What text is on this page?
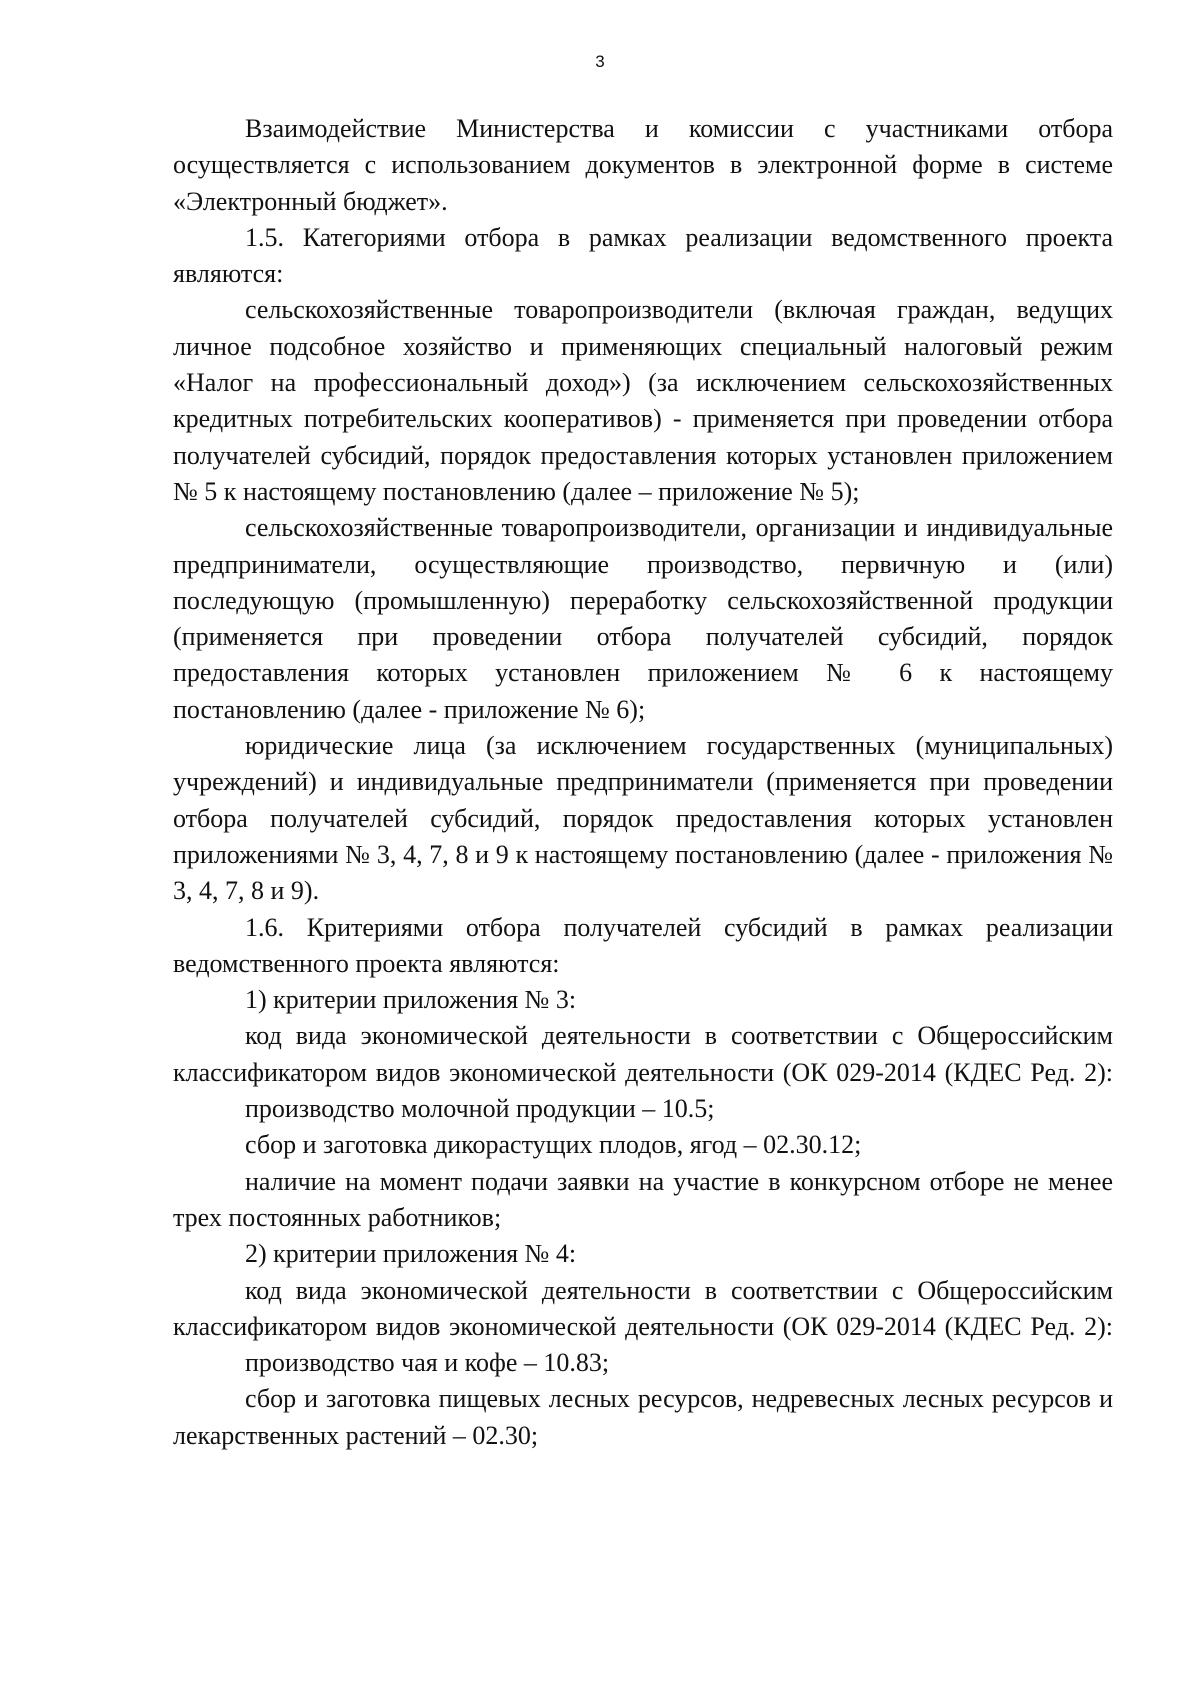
3

Взаимодействие Министерства и комиссии с участниками отбора осуществляется с использованием документов в электронной форме в системе «Электронный бюджет».

1.5. Категориями отбора в рамках реализации ведомственного проекта являются:

сельскохозяйственные товаропроизводители (включая граждан, ведущих личное подсобное хозяйство и применяющих специальный налоговый режим «Налог на профессиональный доход») (за исключением сельскохозяйственных кредитных потребительских кооперативов) - применяется при проведении отбора получателей субсидий, порядок предоставления которых установлен приложением № 5 к настоящему постановлению (далее – приложение № 5);

сельскохозяйственные товаропроизводители, организации и индивидуальные предприниматели, осуществляющие производство, первичную и (или) последующую (промышленную) переработку сельскохозяйственной продукции (применяется при проведении отбора получателей субсидий, порядок предоставления которых установлен приложением № 6 к настоящему постановлению (далее - приложение № 6);

юридические лица (за исключением государственных (муниципальных) учреждений) и индивидуальные предприниматели (применяется при проведении отбора получателей субсидий, порядок предоставления которых установлен приложениями № 3, 4, 7, 8 и 9 к настоящему постановлению (далее - приложения № 3, 4, 7, 8 и 9).

1.6. Критериями отбора получателей субсидий в рамках реализации ведомственного проекта являются:

1) критерии приложения № 3:

код вида экономической деятельности в соответствии с Общероссийским классификатором видов экономической деятельности (ОК 029-2014 (КДЕС Ред. 2):

производство молочной продукции – 10.5;

сбор и заготовка дикорастущих плодов, ягод – 02.30.12;

наличие на момент подачи заявки на участие в конкурсном отборе не менее трех постоянных работников;

2) критерии приложения № 4:

код вида экономической деятельности в соответствии с Общероссийским классификатором видов экономической деятельности (ОК 029-2014 (КДЕС Ред. 2):

производство чая и кофе – 10.83;

сбор и заготовка пищевых лесных ресурсов, недревесных лесных ресурсов и лекарственных растений – 02.30;
